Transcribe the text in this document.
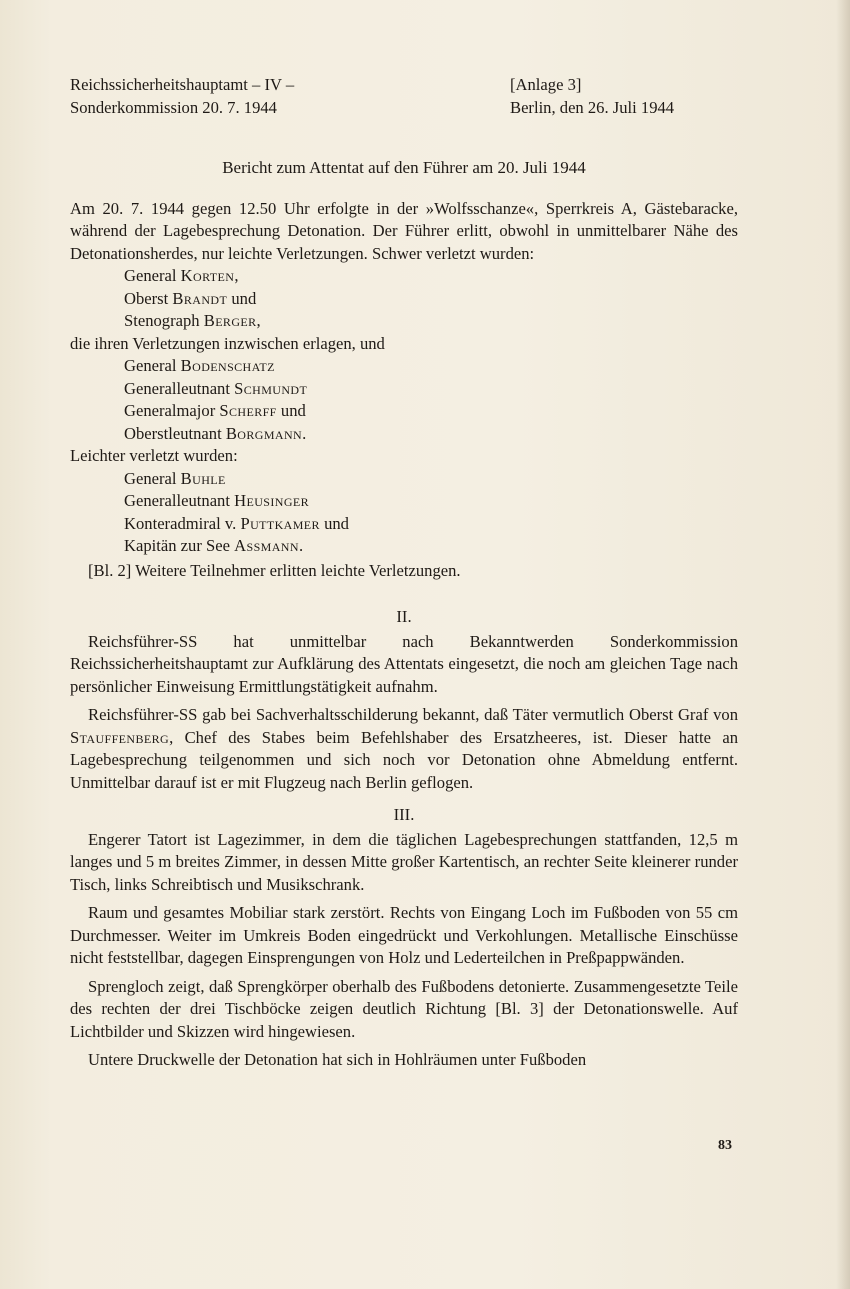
Reichssicherheitshauptamt – IV –
Sonderkommission 20. 7. 1944
[Anlage 3]
Berlin, den 26. Juli 1944
Bericht zum Attentat auf den Führer am 20. Juli 1944

Am 20. 7. 1944 gegen 12.50 Uhr erfolgte in der »Wolfsschanze«, Sperrkreis A, Gästebaracke, während der Lagebesprechung Detonation. Der Führer erlitt, obwohl in unmittelbarer Nähe des Detonationsherdes, nur leichte Verletzungen. Schwer verletzt wurden:

General Korten,
Oberst Brandt und
Stenograph Berger,

die ihren Verletzungen inzwischen erlagen, und

General Bodenschatz
Generalleutnant Schmundt
Generalmajor Scherff und
Oberstleutnant Borgmann.

Leichter verletzt wurden:

General Buhle
Generalleutnant Heusinger
Konteradmiral v. Puttkamer und
Kapitän zur See Assmann.

[Bl. 2] Weitere Teilnehmer erlitten leichte Verletzungen.

II.

Reichsführer-SS hat unmittelbar nach Bekanntwerden Sonderkommission Reichssicherheitshauptamt zur Aufklärung des Attentats eingesetzt, die noch am gleichen Tage nach persönlicher Einweisung Ermittlungstätigkeit aufnahm.

Reichsführer-SS gab bei Sachverhaltsschilderung bekannt, daß Täter vermutlich Oberst Graf von Stauffenberg, Chef des Stabes beim Befehlshaber des Ersatzheeres, ist. Dieser hatte an Lagebesprechung teilgenommen und sich noch vor Detonation ohne Abmeldung entfernt. Unmittelbar darauf ist er mit Flugzeug nach Berlin geflogen.

III.

Engerer Tatort ist Lagezimmer, in dem die täglichen Lagebesprechungen stattfanden, 12,5 m langes und 5 m breites Zimmer, in dessen Mitte großer Kartentisch, an rechter Seite kleinerer runder Tisch, links Schreibtisch und Musikschrank.

Raum und gesamtes Mobiliar stark zerstört. Rechts von Eingang Loch im Fußboden von 55 cm Durchmesser. Weiter im Umkreis Boden eingedrückt und Verkohlungen. Metallische Einschüsse nicht feststellbar, dagegen Einsprengungen von Holz und Lederteilchen in Preßpappwänden.

Sprengloch zeigt, daß Sprengkörper oberhalb des Fußbodens detonierte. Zusammengesetzte Teile des rechten der drei Tischböcke zeigen deutlich Richtung [Bl. 3] der Detonationswelle. Auf Lichtbilder und Skizzen wird hingewiesen.

Untere Druckwelle der Detonation hat sich in Hohlräumen unter Fußboden

83
